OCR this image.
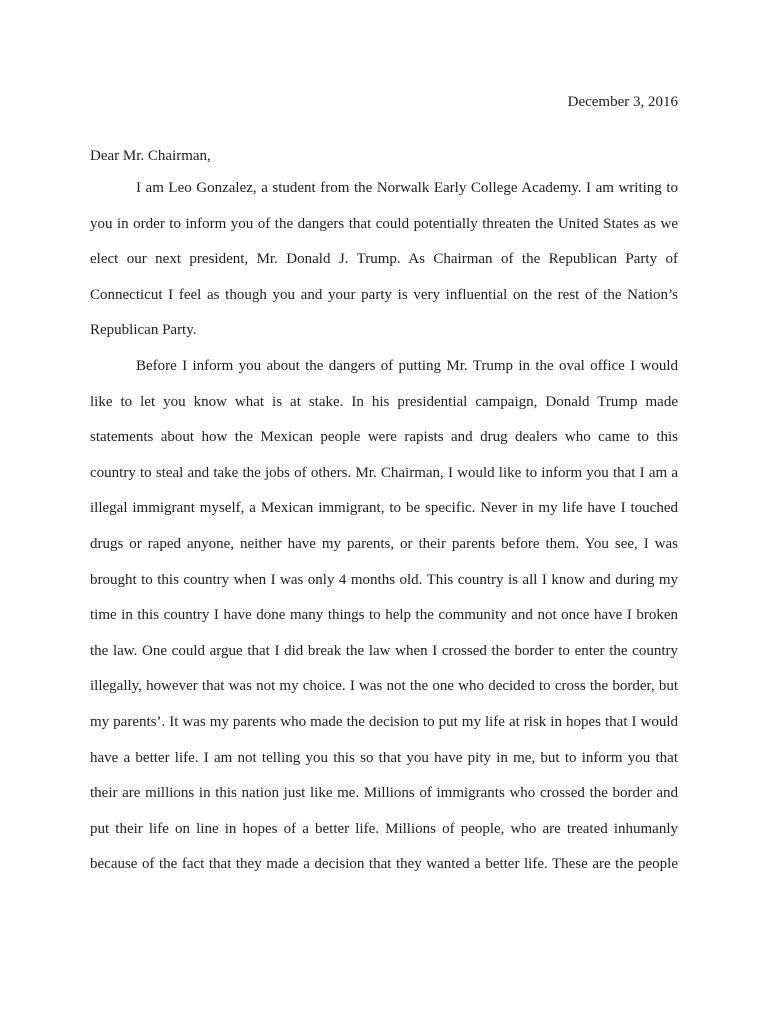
December 3, 2016
Dear Mr. Chairman,
I am Leo Gonzalez, a student from the Norwalk Early College Academy. I am writing to
you in order to inform you of the dangers that could potentially threaten the United States as we
elect our next president, Mr. Donald J. Trump. As Chairman of the Republican Party of
Connecticut I feel as though you and your party is very influential on the rest of the Nation’s
Republican Party.
Before I inform you about the dangers of putting Mr. Trump in the oval office I would
like to let you know what is at stake. In his presidential campaign, Donald Trump made
statements about how the Mexican people were rapists and drug dealers who came to this
country to steal and take the jobs of others. Mr. Chairman, I would like to inform you that I am a
illegal immigrant myself, a Mexican immigrant, to be specific. Never in my life have I touched
drugs or raped anyone, neither have my parents, or their parents before them. You see, I was
brought to this country when I was only 4 months old. This country is all I know and during my
time in this country I have done many things to help the community and not once have I broken
the law. One could argue that I did break the law when I crossed the border to enter the country
illegally, however that was not my choice. I was not the one who decided to cross the border, but
my parents’. It was my parents who made the decision to put my life at risk in hopes that I would
have a better life. I am not telling you this so that you have pity in me, but to inform you that
their are millions in this nation just like me. Millions of immigrants who crossed the border and
put their life on line in hopes of a better life. Millions of people, who are treated inhumanly
because of the fact that they made a decision that they wanted a better life. These are the people
